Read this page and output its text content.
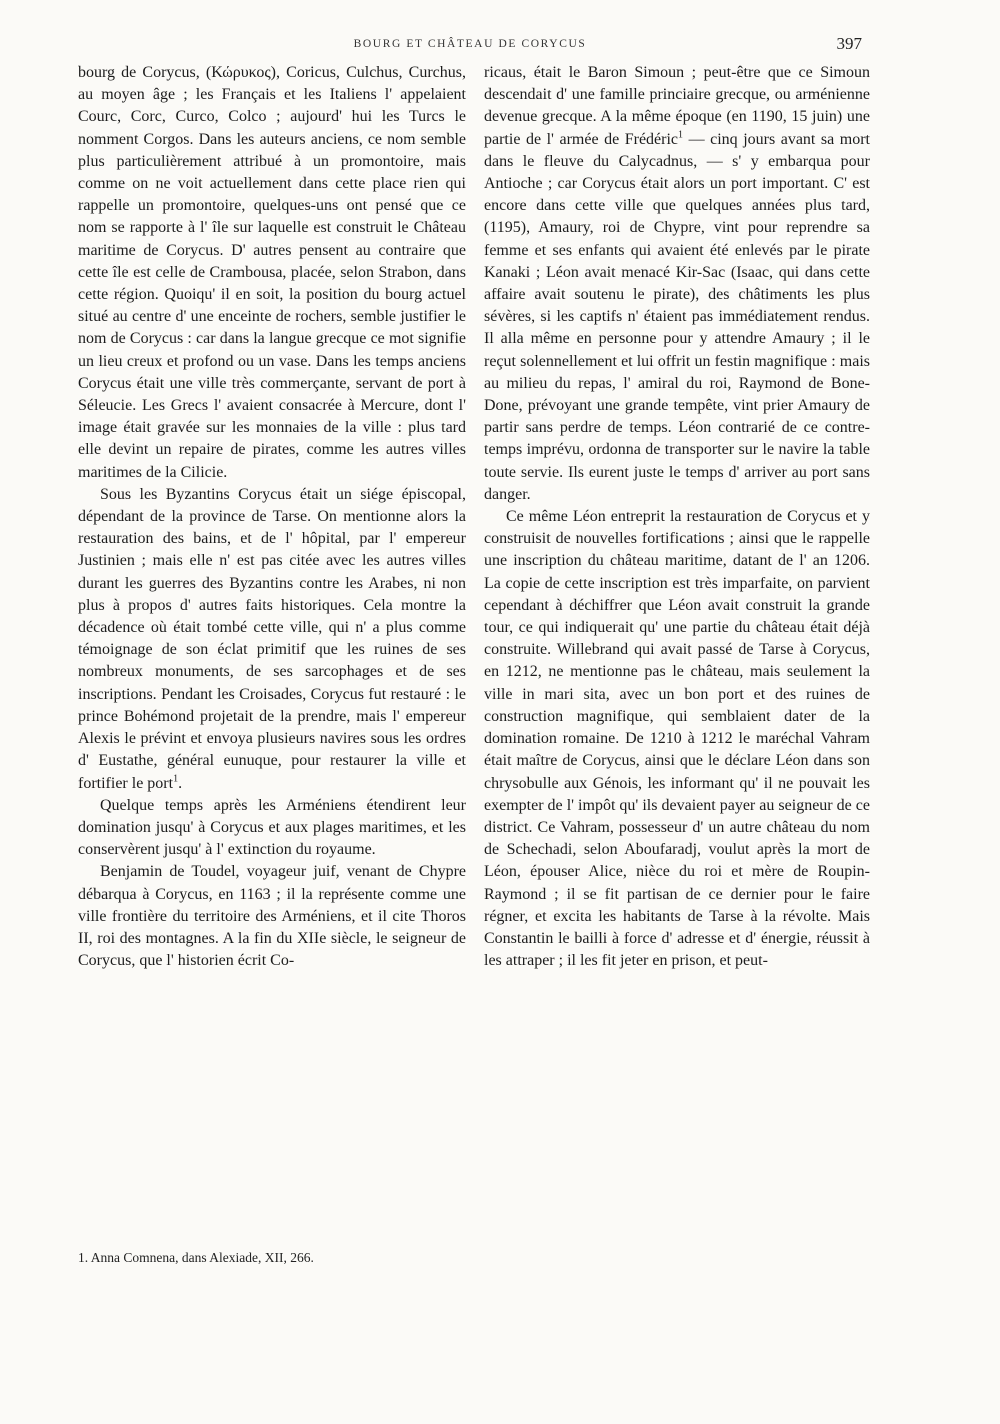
BOURG ET CHÂTEAU DE CORYCUS	397

bourg de Corycus, (Κώρυκος), Coricus, Culchus, Curchus, au moyen âge ; les Français et les Italiens l' appelaient Courc, Corc, Curco, Colco ; aujourd' hui les Turcs le nomment Corgos. Dans les auteurs anciens, ce nom semble plus particulièrement attribué à un promontoire, mais comme on ne voit actuellement dans cette place rien qui rappelle un promontoire, quelques-uns ont pensé que ce nom se rapporte à l' île sur laquelle est construit le Château maritime de Corycus. D' autres pensent au contraire que cette île est celle de Crambousa, placée, selon Strabon, dans cette région. Quoiqu' il en soit, la position du bourg actuel situé au centre d' une enceinte de rochers, semble justifier le nom de Corycus : car dans la langue grecque ce mot signifie un lieu creux et profond ou un vase. Dans les temps anciens Corycus était une ville très commerçante, servant de port à Séleucie. Les Grecs l' avaient consacrée à Mercure, dont l' image était gravée sur les monnaies de la ville : plus tard elle devint un repaire de pirates, comme les autres villes maritimes de la Cilicie.

Sous les Byzantins Corycus était un siége épiscopal, dépendant de la province de Tarse. On mentionne alors la restauration des bains, et de l' hôpital, par l' empereur Justinien ; mais elle n' est pas citée avec les autres villes durant les guerres des Byzantins contre les Arabes, ni non plus à propos d' autres faits historiques. Cela montre la décadence où était tombé cette ville, qui n' a plus comme témoignage de son éclat primitif que les ruines de ses nombreux monuments, de ses sarcophages et de ses inscriptions. Pendant les Croisades, Corycus fut restauré : le prince Bohémond projetait de la prendre, mais l' empereur Alexis le prévint et envoya plusieurs navires sous les ordres d' Eustathe, général eunuque, pour restaurer la ville et fortifier le port$^1$.

Quelque temps après les Arméniens étendirent leur domination jusqu' à Corycus et aux plages maritimes, et les conservèrent jusqu' à l' extinction du royaume.

Benjamin de Toudel, voyageur juif, venant de Chypre débarqua à Corycus, en 1163 ; il la représente comme une ville frontière du territoire des Arméniens, et il cite Thoros II, roi des montagnes. A la fin du XIIe siècle, le seigneur de Corycus, que l' historien écrit Co-

ricaus, était le Baron Simoun ; peut-être que ce Simoun descendait d' une famille princiaire grecque, ou arménienne devenue grecque. A la même époque (en 1190, 15 juin) une partie de l' armée de Frédéric$^1$ — cinq jours avant sa mort dans le fleuve du Calycadnus, — s' y embarqua pour Antioche ; car Corycus était alors un port important. C' est encore dans cette ville que quelques années plus tard, (1195), Amaury, roi de Chypre, vint pour reprendre sa femme et ses enfants qui avaient été enlevés par le pirate Kanaki ; Léon avait menacé Kir-Sac (Isaac, qui dans cette affaire avait soutenu le pirate), des châtiments les plus sévères, si les captifs n' étaient pas immédiatement rendus. Il alla même en personne pour y attendre Amaury ; il le reçut solennellement et lui offrit un festin magnifique : mais au milieu du repas, l' amiral du roi, Raymond de Bone-Done, prévoyant une grande tempête, vint prier Amaury de partir sans perdre de temps. Léon contrarié de ce contre-temps imprévu, ordonna de transporter sur le navire la table toute servie. Ils eurent juste le temps d' arriver au port sans danger.

Ce même Léon entreprit la restauration de Corycus et y construisit de nouvelles fortifications ; ainsi que le rappelle une inscription du château maritime, datant de l' an 1206. La copie de cette inscription est très imparfaite, on parvient cependant à déchiffrer que Léon avait construit la grande tour, ce qui indiquerait qu' une partie du château était déjà construite. Willebrand qui avait passé de Tarse à Corycus, en 1212, ne mentionne pas le château, mais seulement la ville in mari sita, avec un bon port et des ruines de construction magnifique, qui semblaient dater de la domination romaine. De 1210 à 1212 le maréchal Vahram était maître de Corycus, ainsi que le déclare Léon dans son chrysobulle aux Génois, les informant qu' il ne pouvait les exempter de l' impôt qu' ils devaient payer au seigneur de ce district. Ce Vahram, possesseur d' un autre château du nom de Schechadi, selon Aboufaradj, voulut après la mort de Léon, épouser Alice, nièce du roi et mère de Roupin-Raymond ; il se fit partisan de ce dernier pour le faire régner, et excita les habitants de Tarse à la révolte. Mais Constantin le bailli à force d' adresse et d' énergie, réussit à les attraper ; il les fit jeter en prison, et peut-

1. Anna Comnena, dans Alexiade, XII, 266.
